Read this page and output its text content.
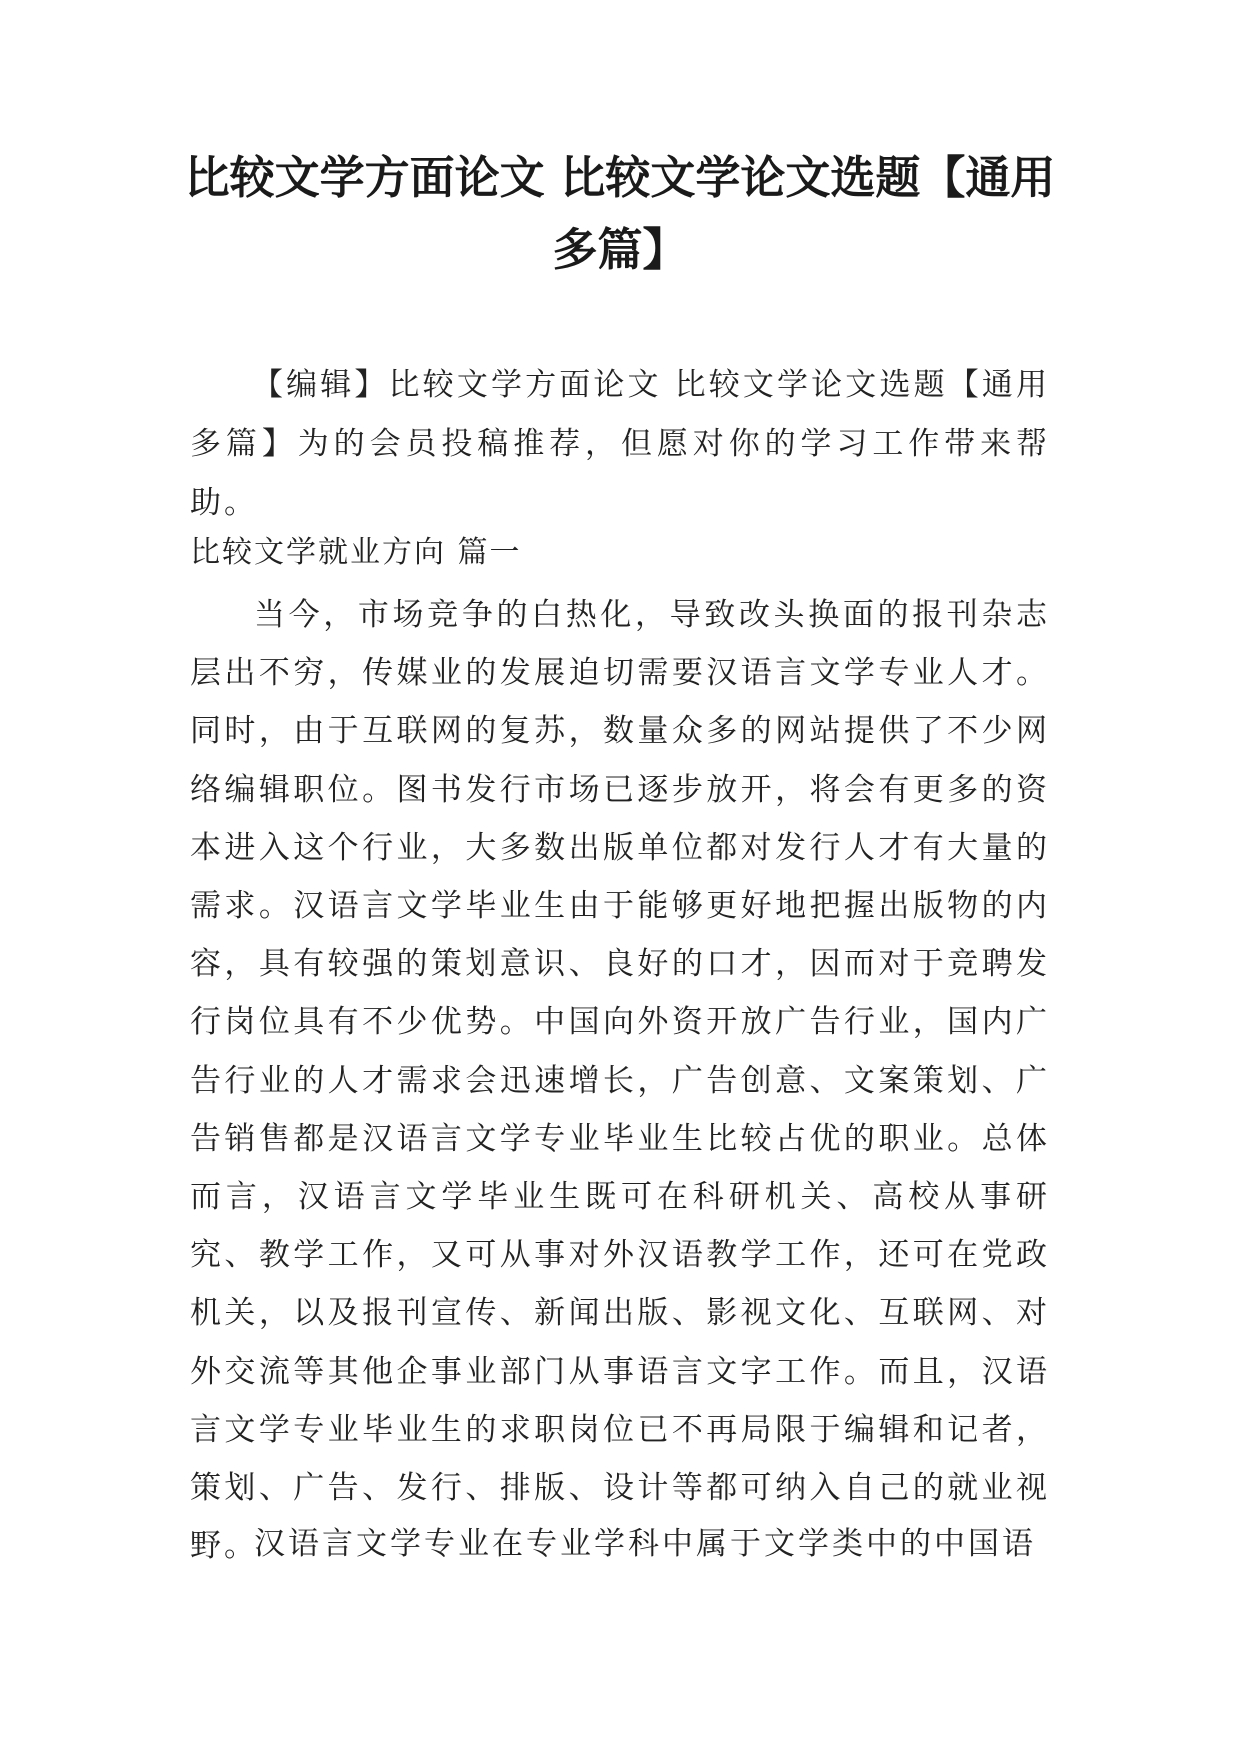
比较文学方面论文 比较文学论文选题【通用多篇】

【编辑】比较文学方面论文 比较文学论文选题【通用多篇】为的会员投稿推荐，但愿对你的学习工作带来帮助。

比较文学就业方向 篇一

当今，市场竞争的白热化，导致改头换面的报刊杂志层出不穷，传媒业的发展迫切需要汉语言文学专业人才。同时，由于互联网的复苏，数量众多的网站提供了不少网络编辑职位。图书发行市场已逐步放开，将会有更多的资本进入这个行业，大多数出版单位都对发行人才有大量的需求。汉语言文学毕业生由于能够更好地把握出版物的内容，具有较强的策划意识、良好的口才，因而对于竞聘发行岗位具有不少优势。中国向外资开放广告行业，国内广告行业的人才需求会迅速增长，广告创意、文案策划、广告销售都是汉语言文学专业毕业生比较占优的职业。总体而言，汉语言文学毕业生既可在科研机关、高校从事研究、教学工作，又可从事对外汉语教学工作，还可在党政机关，以及报刊宣传、新闻出版、影视文化、互联网、对外交流等其他企事业部门从事语言文字工作。而且，汉语言文学专业毕业生的求职岗位已不再局限于编辑和记者，策划、广告、发行、排版、设计等都可纳入自己的就业视野。

汉语言文学专业在专业学科中属于文学类中的中国语
